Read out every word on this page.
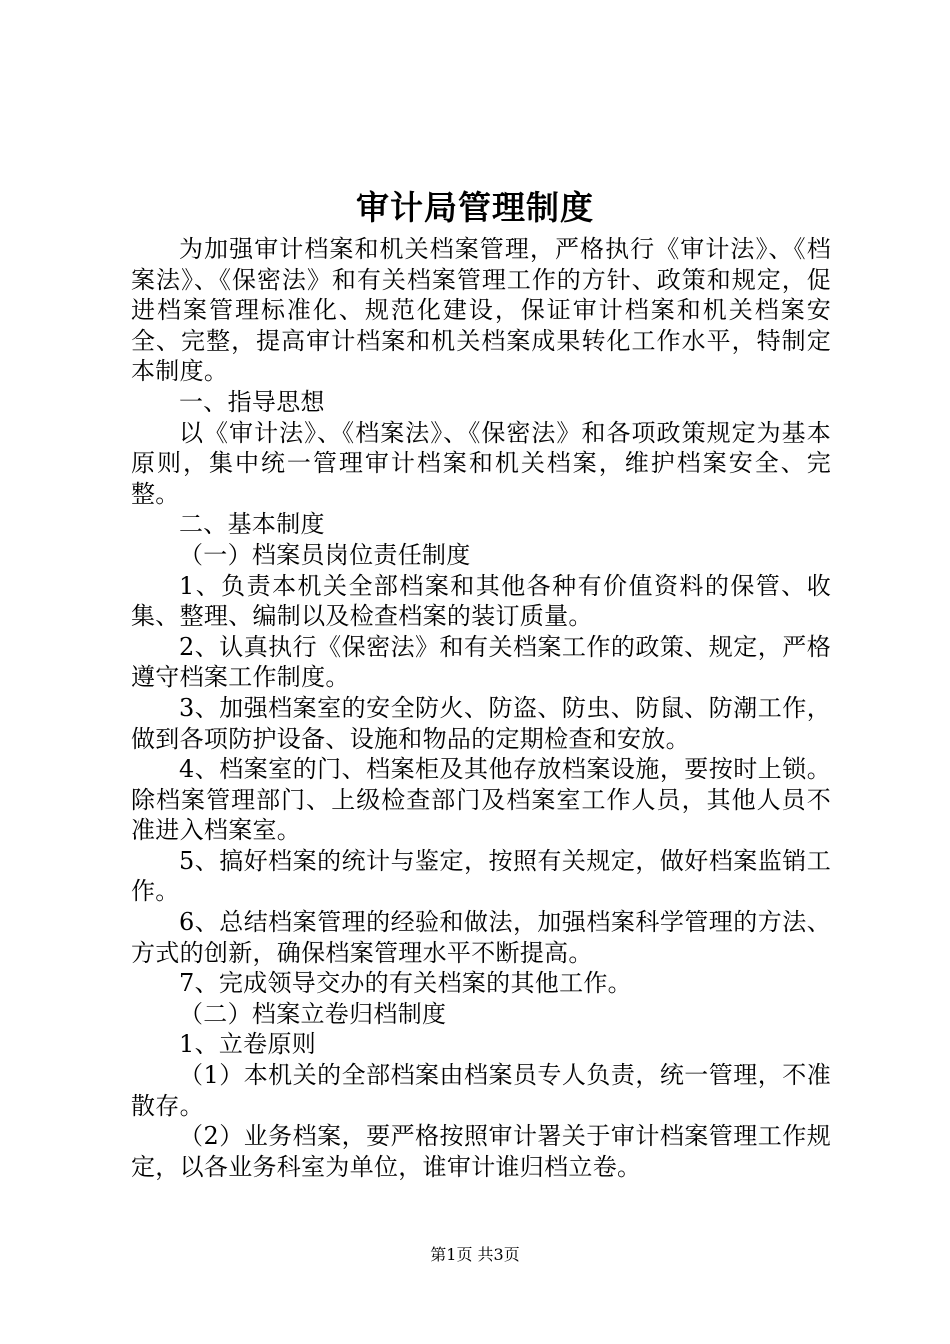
审计局管理制度

为加强审计档案和机关档案管理，严格执行《审计法》、《档案法》、《保密法》和有关档案管理工作的方针、政策和规定，促进档案管理标准化、规范化建设，保证审计档案和机关档案安全、完整，提高审计档案和机关档案成果转化工作水平，特制定本制度。

一、指导思想

以《审计法》、《档案法》、《保密法》和各项政策规定为基本原则，集中统一管理审计档案和机关档案，维护档案安全、完整。

二、基本制度

（一）档案员岗位责任制度

1、负责本机关全部档案和其他各种有价值资料的保管、收集、整理、编制以及检查档案的装订质量。

2、认真执行《保密法》和有关档案工作的政策、规定，严格遵守档案工作制度。

3、加强档案室的安全防火、防盗、防虫、防鼠、防潮工作，做到各项防护设备、设施和物品的定期检查和安放。

4、档案室的门、档案柜及其他存放档案设施，要按时上锁。除档案管理部门、上级检查部门及档案室工作人员，其他人员不准进入档案室。

5、搞好档案的统计与鉴定，按照有关规定，做好档案监销工作。

6、总结档案管理的经验和做法，加强档案科学管理的方法、方式的创新，确保档案管理水平不断提高。

7、完成领导交办的有关档案的其他工作。

（二）档案立卷归档制度

1、立卷原则

（1）本机关的全部档案由档案员专人负责，统一管理，不准散存。

（2）业务档案，要严格按照审计署关于审计档案管理工作规定，以各业务科室为单位，谁审计谁归档立卷。

第1页 共3页
